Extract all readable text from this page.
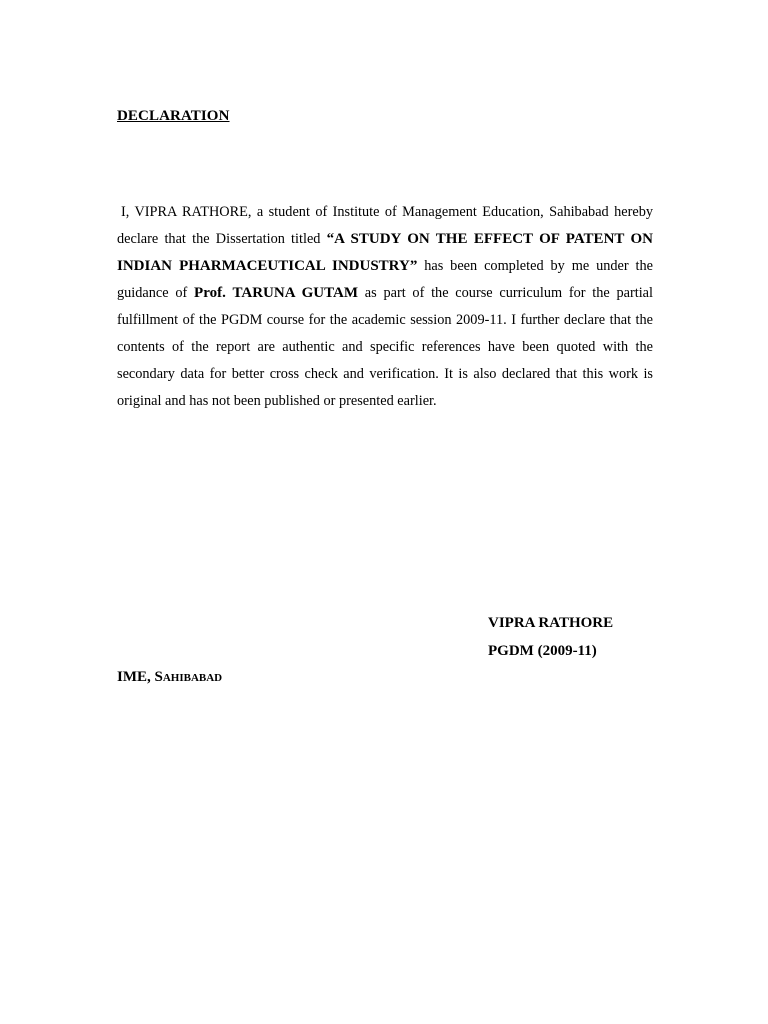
DECLARATION

I, VIPRA RATHORE, a student of Institute of Management Education, Sahibabad hereby declare that the Dissertation titled “A STUDY ON THE EFFECT OF PATENT ON INDIAN PHARMACEUTICAL INDUSTRY” has been completed by me under the guidance of Prof. TARUNA GUTAM as part of the course curriculum for the partial fulfillment of the PGDM course for the academic session 2009-11. I further declare that the contents of the report are authentic and specific references have been quoted with the secondary data for better cross check and verification. It is also declared that this work is original and has not been published or presented earlier.

VIPRA RATHORE
PGDM (2009-11)
IME, Sahibabad
